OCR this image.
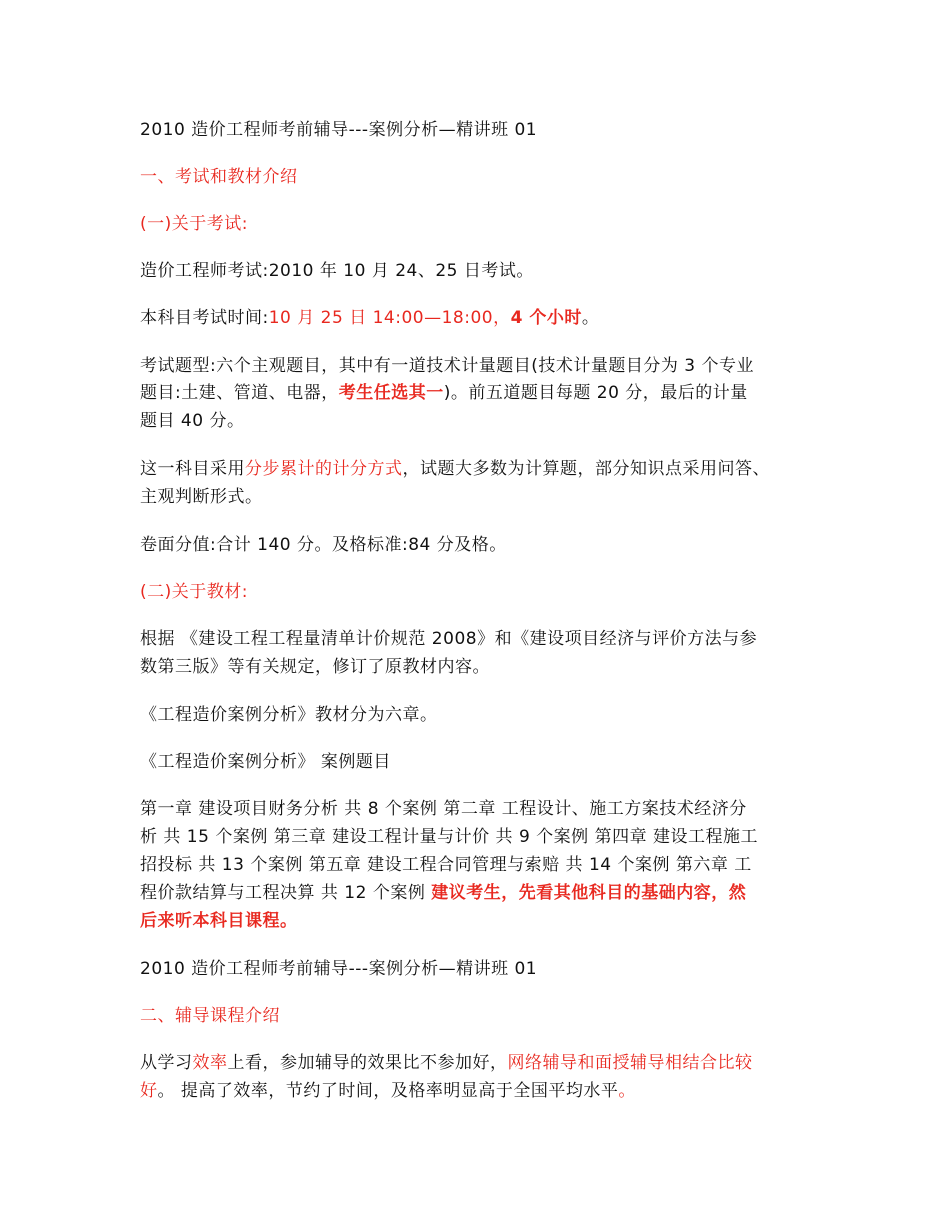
2010 造价工程师考前辅导---案例分析—精讲班 01
一、考试和教材介绍
(一)关于考试:
造价工程师考试:2010 年 10 月 24、25 日考试。
本科目考试时间:10 月 25 日 14:00—18:00，4 个小时。
考试题型:六个主观题目，其中有一道技术计量题目(技术计量题目分为 3 个专业
题目:土建、管道、电器，考生任选其一)。前五道题目每题 20 分，最后的计量
题目 40 分。
这一科目采用分步累计的计分方式，试题大多数为计算题，部分知识点采用问答、
主观判断形式。
卷面分值:合计 140 分。及格标准:84 分及格。
(二)关于教材:
根据 《建设工程工程量清单计价规范 2008》和《建设项目经济与评价方法与参
数第三版》等有关规定，修订了原教材内容。
《工程造价案例分析》教材分为六章。
《工程造价案例分析》 案例题目
第一章 建设项目财务分析 共 8 个案例 第二章 工程设计、施工方案技术经济分
析 共 15 个案例 第三章 建设工程计量与计价 共 9 个案例 第四章 建设工程施工
招投标 共 13 个案例 第五章 建设工程合同管理与索赔 共 14 个案例 第六章 工
程价款结算与工程决算 共 12 个案例 建议考生，先看其他科目的基础内容，然
后来听本科目课程。
2010 造价工程师考前辅导---案例分析—精讲班 01
二、辅导课程介绍
从学习效率上看，参加辅导的效果比不参加好，网络辅导和面授辅导相结合比较
好。 提高了效率，节约了时间，及格率明显高于全国平均水平。
